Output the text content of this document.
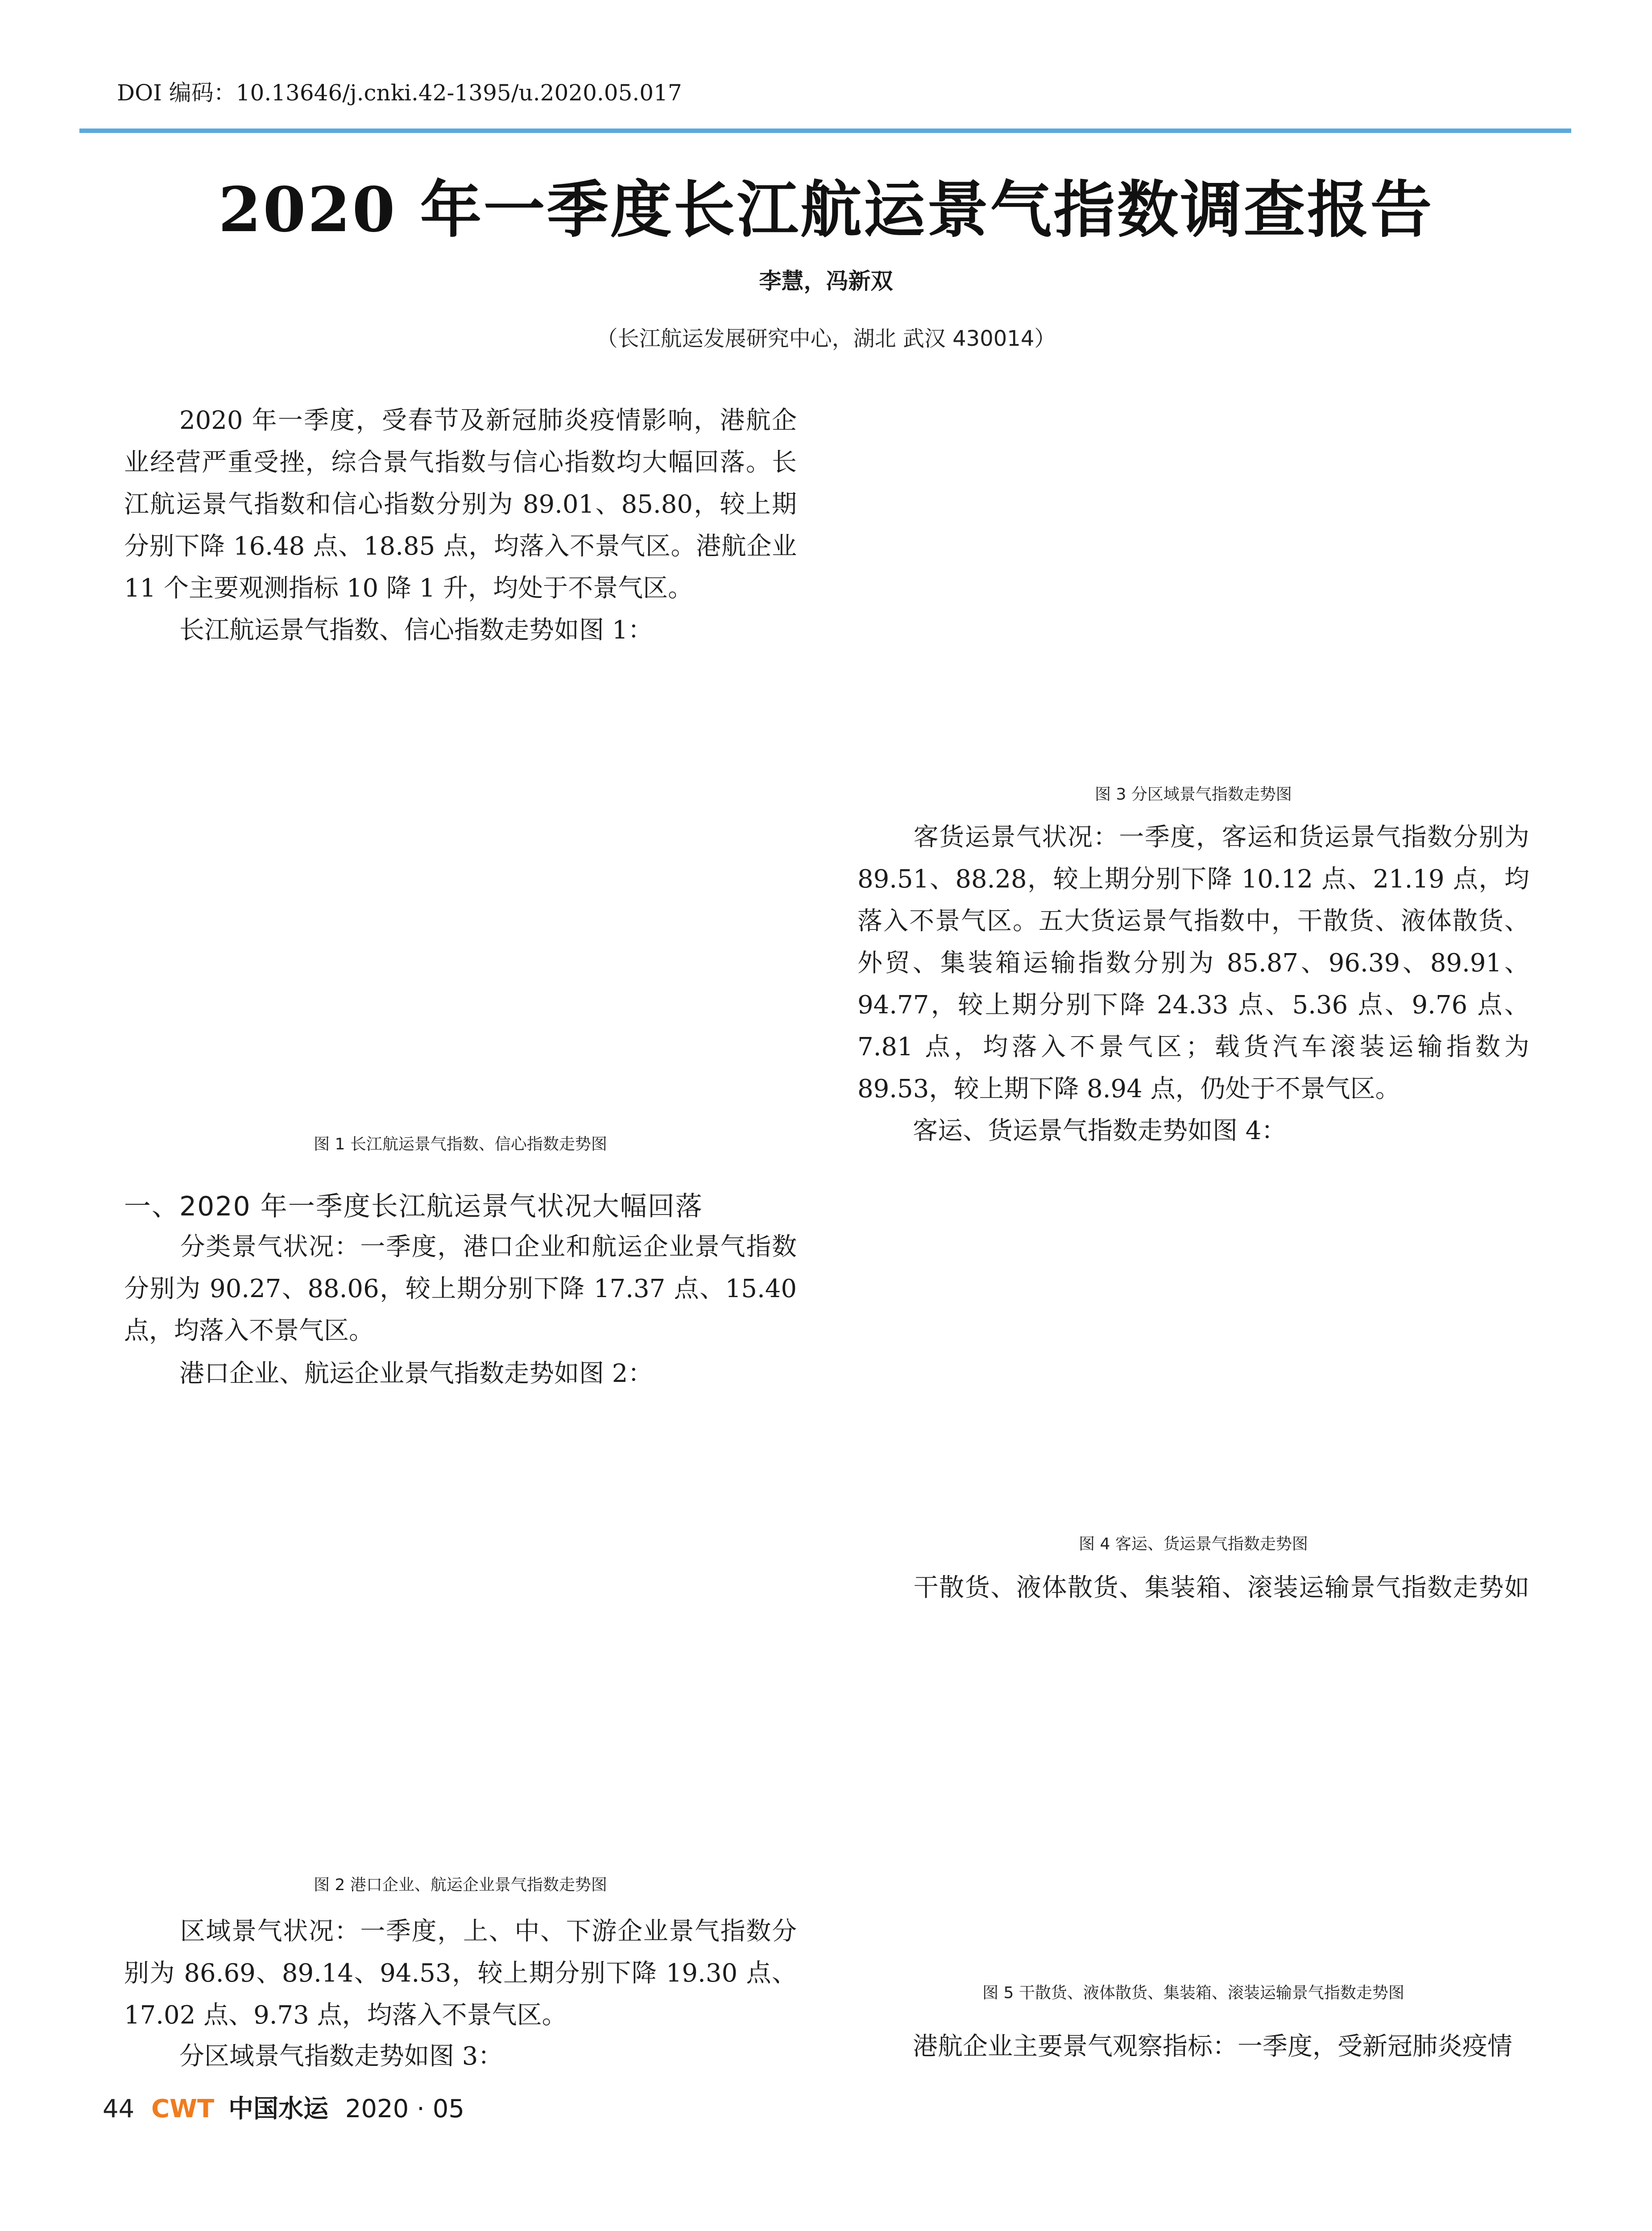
DOI 编码：10.13646/j.cnki.42-1395/u.2020.05.017
2020 年一季度长江航运景气指数调查报告
李慧，冯新双
（长江航运发展研究中心，湖北 武汉 430014）
2020 年一季度，受春节及新冠肺炎疫情影响，港航企业经营严重受挫，综合景气指数与信心指数均大幅回落。长江航运景气指数和信心指数分别为 89.01、85.80，较上期分别下降 16.48 点、18.85 点，均落入不景气区。港航企业 11 个主要观测指标 10 降 1 升，均处于不景气区。
长江航运景气指数、信心指数走势如图 1：
图 1 长江航运景气指数、信心指数走势图
一、2020 年一季度长江航运景气状况大幅回落
分类景气状况：一季度，港口企业和航运企业景气指数分别为 90.27、88.06，较上期分别下降 17.37 点、15.40 点，均落入不景气区。
港口企业、航运企业景气指数走势如图 2：
图 2 港口企业、航运企业景气指数走势图
区域景气状况：一季度，上、中、下游企业景气指数分别为 86.69、89.14、94.53，较上期分别下降 19.30 点、17.02 点、9.73 点，均落入不景气区。
分区域景气指数走势如图 3：
图 3 分区域景气指数走势图
客货运景气状况：一季度，客运和货运景气指数分别为 89.51、88.28，较上期分别下降 10.12 点、21.19 点，均落入不景气区。五大货运景气指数中，干散货、液体散货、外贸、集装箱运输指数分别为 85.87、96.39、89.91、94.77，较上期分别下降 24.33 点、5.36 点、9.76 点、7.81 点，均落入不景气区；载货汽车滚装运输指数为 89.53，较上期下降 8.94 点，仍处于不景气区。
客运、货运景气指数走势如图 4：
图 4 客运、货运景气指数走势图
干散货、液体散货、集装箱、滚装运输景气指数走势如
图 5 干散货、液体散货、集装箱、滚装运输景气指数走势图
港航企业主要景气观察指标：一季度，受新冠肺炎疫情
44 CWT 中国水运 2020 · 05
